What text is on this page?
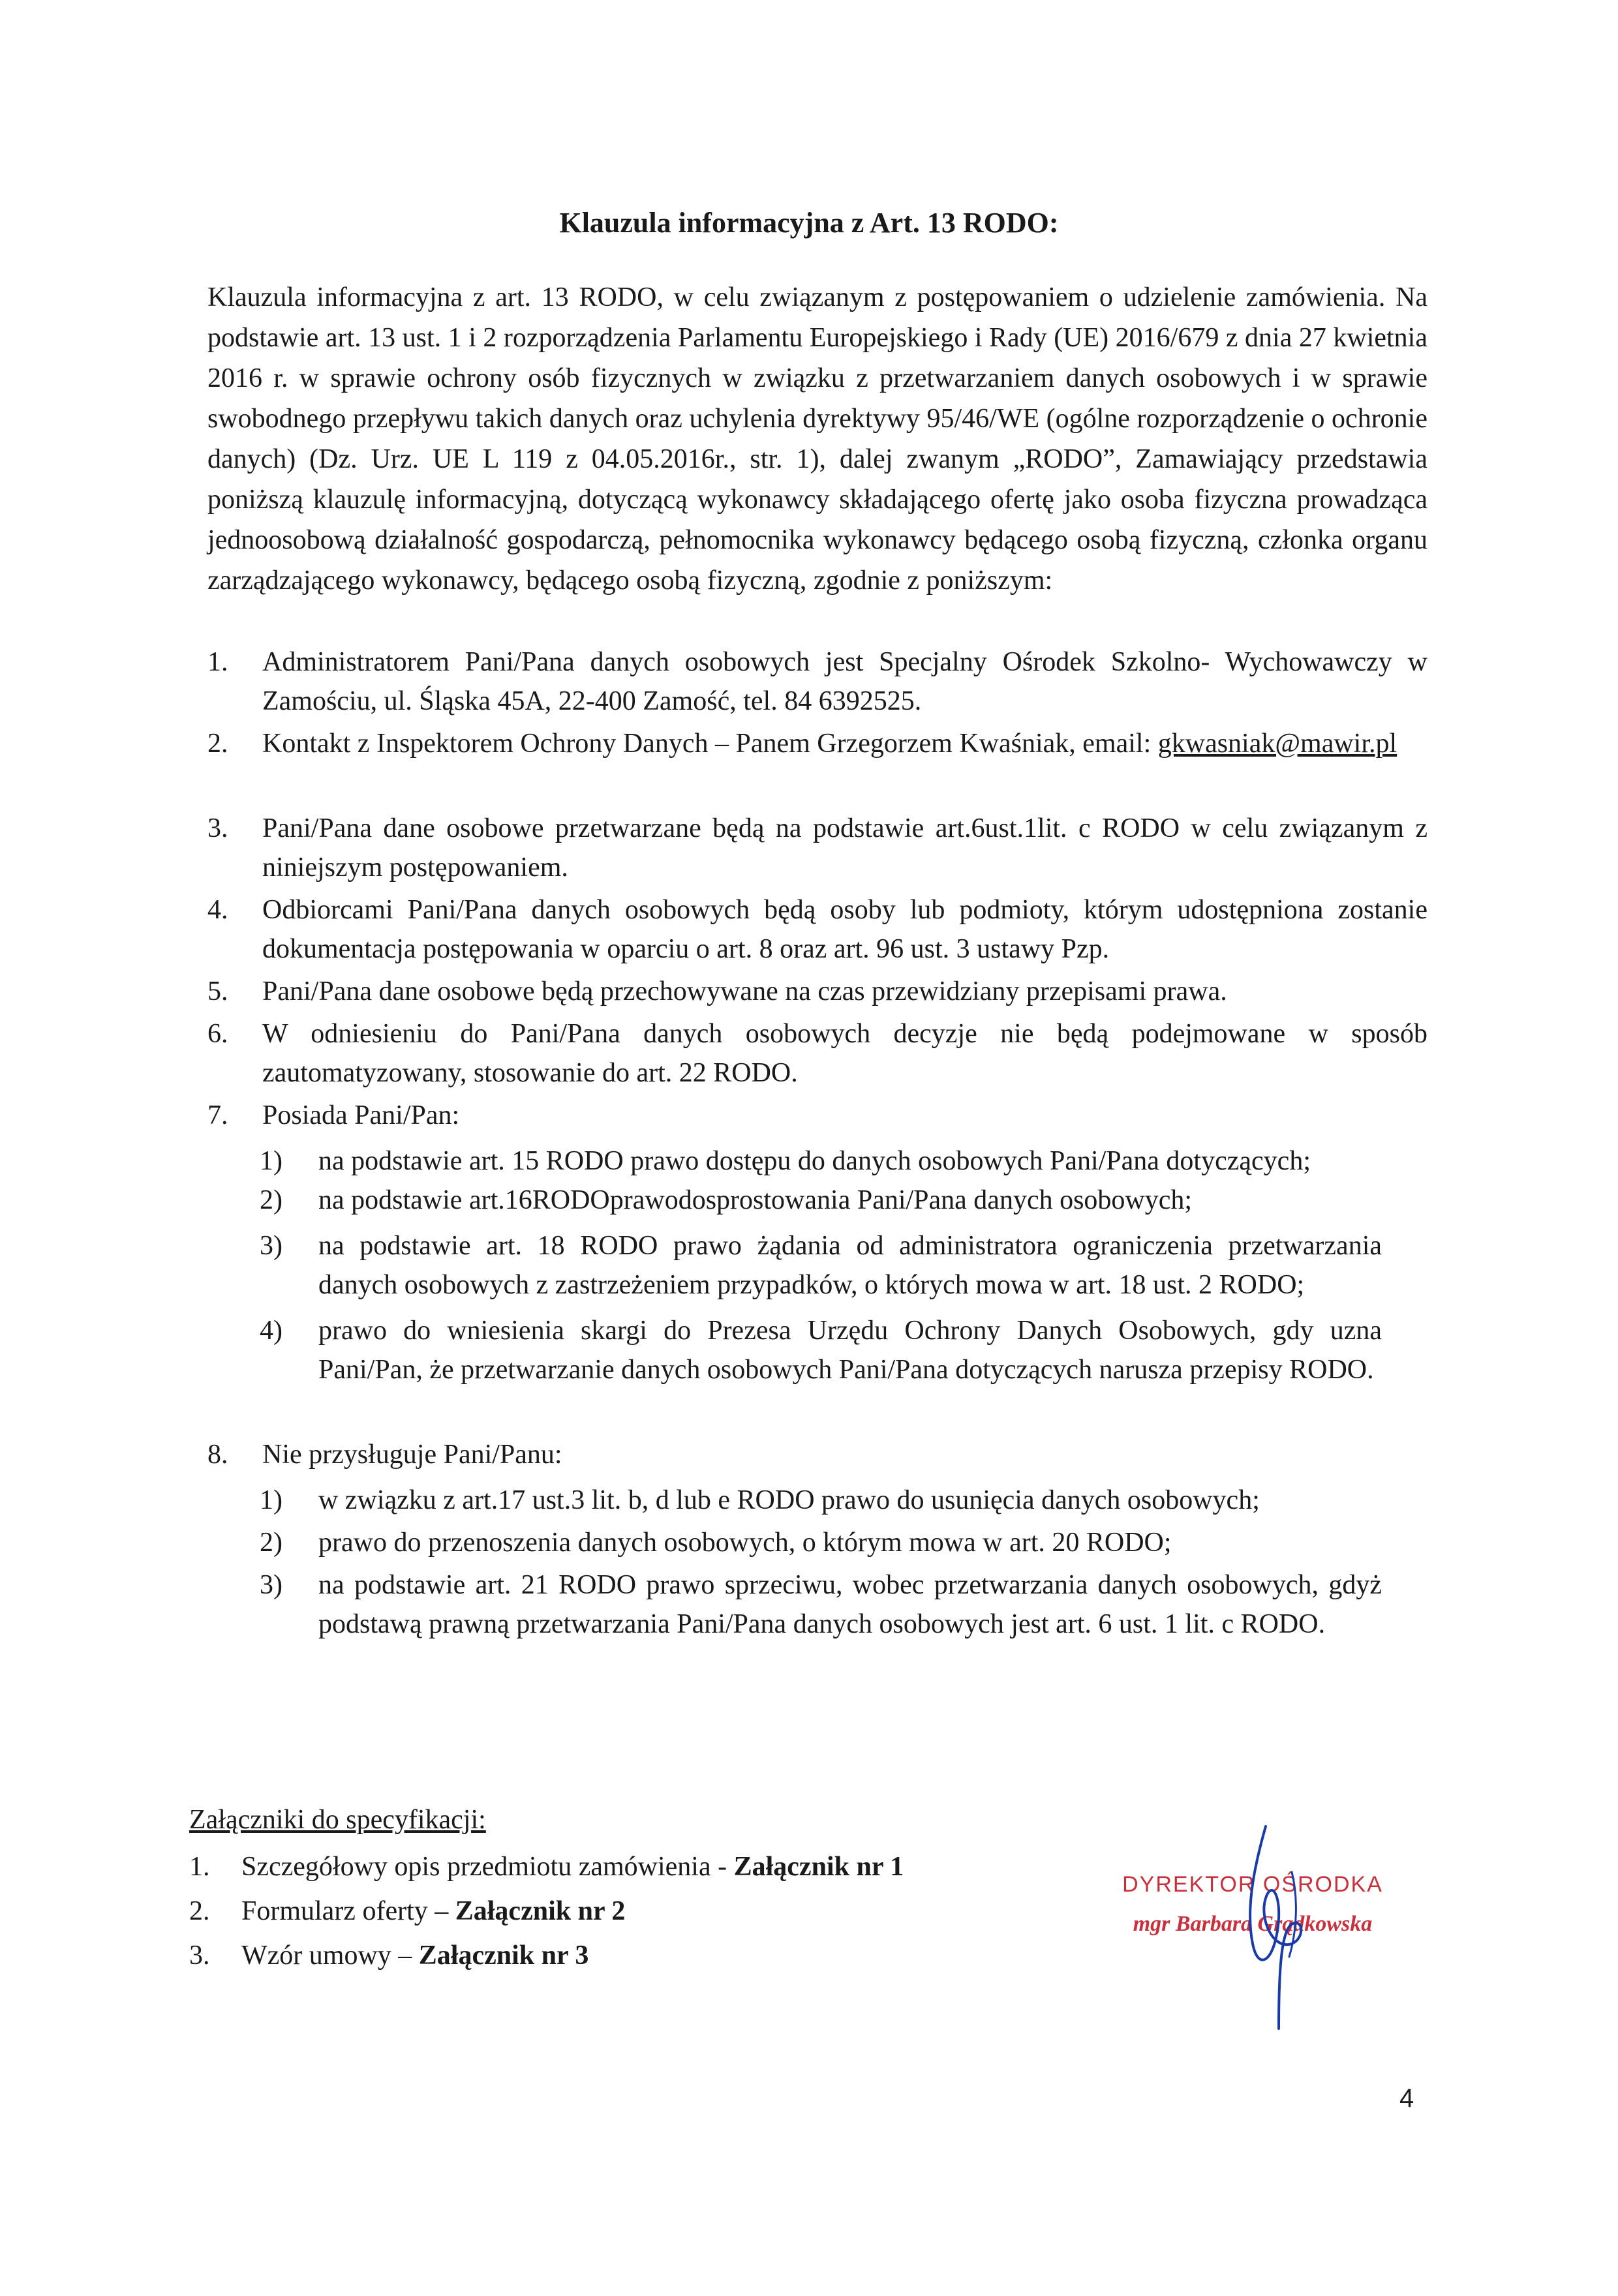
Klauzula informacyjna z Art. 13 RODO:

Klauzula informacyjna z art. 13 RODO, w celu związanym z postępowaniem o udzielenie zamówienia. Na podstawie art. 13 ust. 1 i 2 rozporządzenia Parlamentu Europejskiego i Rady (UE) 2016/679 z dnia 27 kwietnia 2016 r. w sprawie ochrony osób fizycznych w związku z przetwarzaniem danych osobowych i w sprawie swobodnego przepływu takich danych oraz uchylenia dyrektywy 95/46/WE (ogólne rozporządzenie o ochronie danych) (Dz. Urz. UE L 119 z 04.05.2016r., str. 1), dalej zwanym „RODO”, Zamawiający przedstawia poniższą klauzulę informacyjną, dotyczącą wykonawcy składającego ofertę jako osoba fizyczna prowadząca jednoosobową działalność gospodarczą, pełnomocnika wykonawcy będącego osobą fizyczną, członka organu zarządzającego wykonawcy, będącego osobą fizyczną, zgodnie z poniższym:

1.	Administratorem Pani/Pana danych osobowych jest Specjalny Ośrodek Szkolno- Wychowawczy w Zamościu, ul. Śląska 45A, 22-400 Zamość, tel. 84 6392525.
2.	Kontakt z Inspektorem Ochrony Danych – Panem Grzegorzem Kwaśniak, email: gkwasniak@mawir.pl
3.	Pani/Pana dane osobowe przetwarzane będą na podstawie art.6ust.1lit. c RODO w celu związanym z niniejszym postępowaniem.
4.	Odbiorcami Pani/Pana danych osobowych będą osoby lub podmioty, którym udostępniona zostanie dokumentacja postępowania w oparciu o art. 8 oraz art. 96 ust. 3 ustawy Pzp.
5.	Pani/Pana dane osobowe będą przechowywane na czas przewidziany przepisami prawa.
6.	W odniesieniu do Pani/Pana danych osobowych decyzje nie będą podejmowane w sposób zautomatyzowany, stosowanie do art. 22 RODO.
7.	Posiada Pani/Pan:
1)	na podstawie art. 15 RODO prawo dostępu do danych osobowych Pani/Pana dotyczących;
2)	na podstawie art.16RODOprawodosprostowania Pani/Pana danych osobowych;
3)	na podstawie art. 18 RODO prawo żądania od administratora ograniczenia przetwarzania danych osobowych z zastrzeżeniem przypadków, o których mowa w art. 18 ust. 2 RODO;
4)	prawo do wniesienia skargi do Prezesa Urzędu Ochrony Danych Osobowych, gdy uzna Pani/Pan, że przetwarzanie danych osobowych Pani/Pana dotyczących narusza przepisy RODO.
8.	Nie przysługuje Pani/Panu:
1)	w związku z art.17 ust.3 lit. b, d lub e RODO prawo do usunięcia danych osobowych;
2)	prawo do przenoszenia danych osobowych, o którym mowa w art. 20 RODO;
3)	na podstawie art. 21 RODO prawo sprzeciwu, wobec przetwarzania danych osobowych, gdyż podstawą prawną przetwarzania Pani/Pana danych osobowych jest art. 6 ust. 1 lit. c RODO.
Załączniki do specyfikacji:
1. Szczegółowy opis przedmiotu zamówienia - Załącznik nr 1
2. Formularz oferty – Załącznik nr 2
3. Wzór umowy – Załącznik nr 3
DYREKTOR OŚRODKA
mgr Barbara Grądkowska
4
